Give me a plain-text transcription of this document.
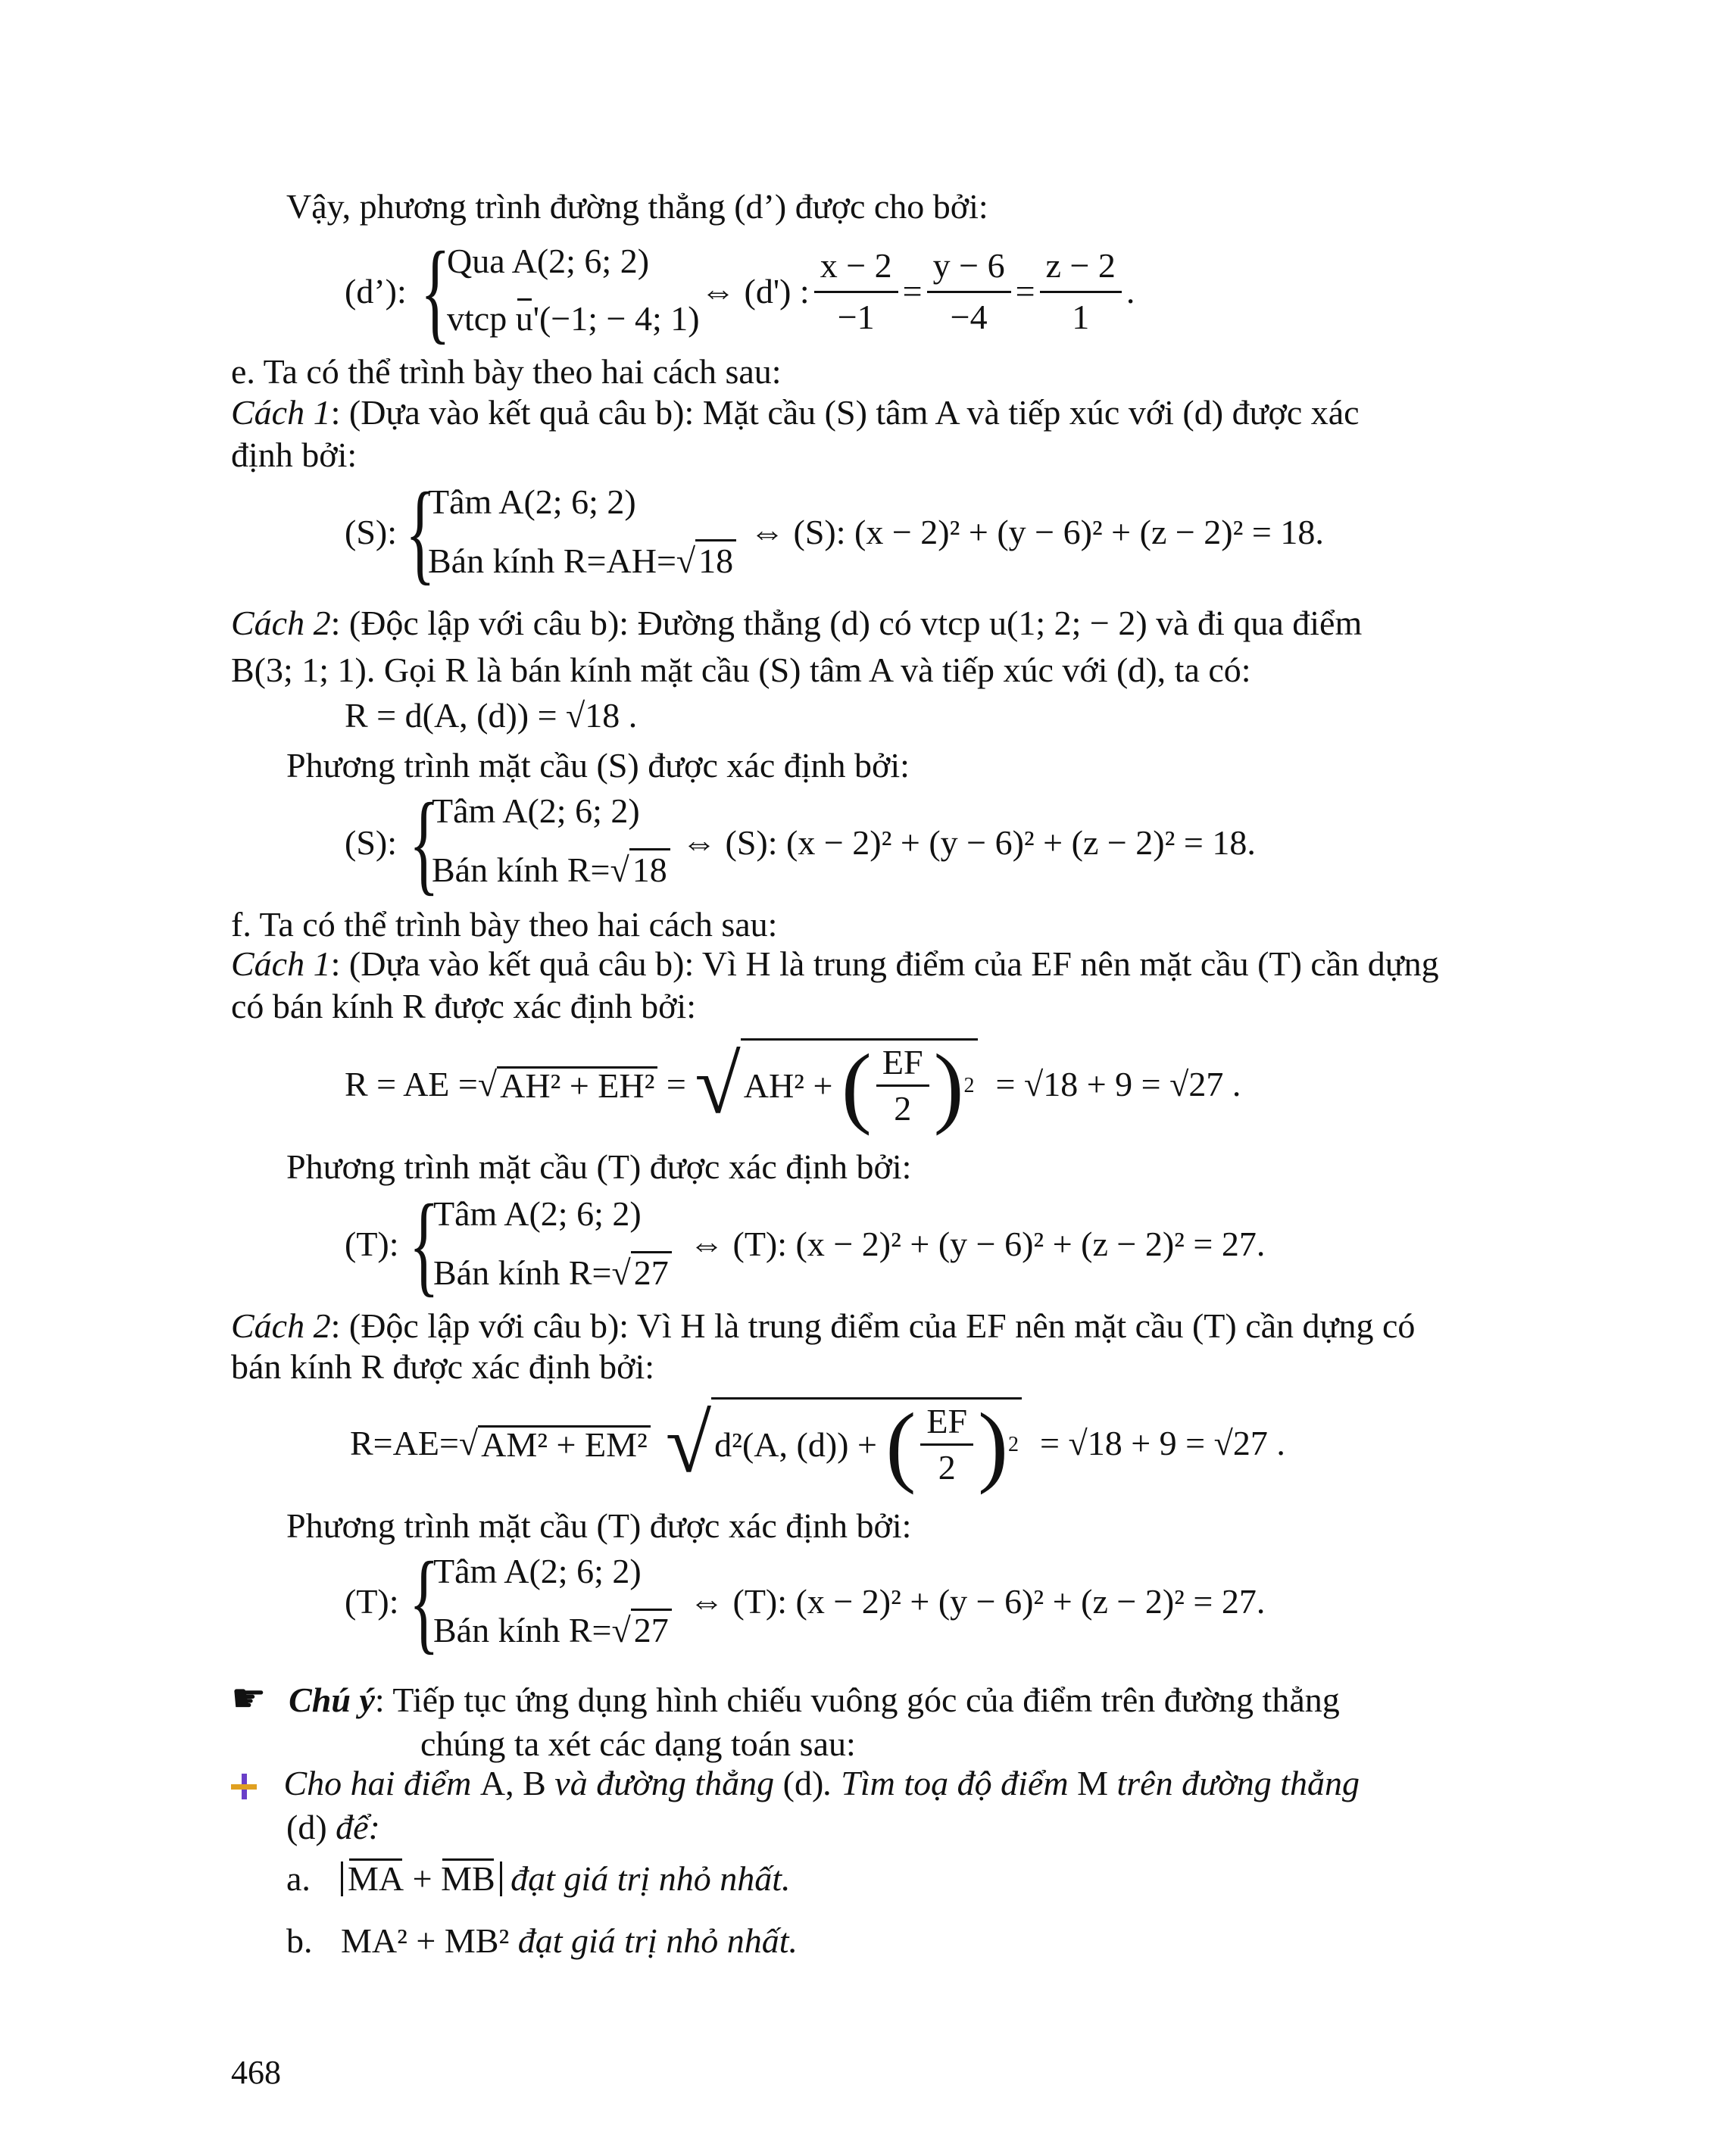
Vậy, phương trình đường thẳng (d’) được cho bởi:
(d’): {
Qua A(2; 6; 2)
vtcp u'(−1; − 4; 1)
⇔ (d') : $\frac{x - 2}{-1} = \frac{y - 6}{-4} = \frac{z - 2}{1}$ .
e. Ta có thể trình bày theo hai cách sau:
Cách 1: (Dựa vào kết quả câu b): Mặt cầu (S) tâm A và tiếp xúc với (d) được xác
định bởi:
(S): {
Tâm A(2; 6; 2)
Bán kính R=AH=√18
⇔ (S): (x − 2)² + (y − 6)² + (z − 2)² = 18.
Cách 2: (Độc lập với câu b): Đường thẳng (d) có vtcp u(1; 2; − 2) và đi qua điểm
B(3; 1; 1). Gọi R là bán kính mặt cầu (S) tâm A và tiếp xúc với (d), ta có:
R = d(A, (d)) = √18 .
Phương trình mặt cầu (S) được xác định bởi:
(S): {
Tâm A(2; 6; 2)
Bán kính R=√18
⇔ (S): (x − 2)² + (y − 6)² + (z − 2)² = 18.
f. Ta có thể trình bày theo hai cách sau:
Cách 1: (Dựa vào kết quả câu b): Vì H là trung điểm của EF nên mặt cầu (T) cần dựng
có bán kính R được xác định bởi:
R = AE = √ AH² + EH² = √ AH² + ( $\frac{EF}{2}$ ) 2 = √18 + 9 = √27 .
Phương trình mặt cầu (T) được xác định bởi:
(T): {
Tâm A(2; 6; 2)
Bán kính R=√27
⇔ (T): (x − 2)² + (y − 6)² + (z − 2)² = 27.
Cách 2: (Độc lập với câu b): Vì H là trung điểm của EF nên mặt cầu (T) cần dựng có
bán kính R được xác định bởi:
R=AE= √ AM² + EM² √ d²(A, (d)) + ( $\frac{EF}{2}$ ) 2 = √18 + 9 = √27 .
Phương trình mặt cầu (T) được xác định bởi:
(T): {
Tâm A(2; 6; 2)
Bán kính R=√27
⇔ (T): (x − 2)² + (y − 6)² + (z − 2)² = 27.
☛ Chú ý: Tiếp tục ứng dụng hình chiếu vuông góc của điểm trên đường thẳng
chúng ta xét các dạng toán sau:
Cho hai điểm A, B và đường thẳng (d). Tìm toạ độ điểm M trên đường thẳng
(d) để:
a.	MA + MB đạt giá trị nhỏ nhất.
b. MA² + MB² đạt giá trị nhỏ nhất.
468
